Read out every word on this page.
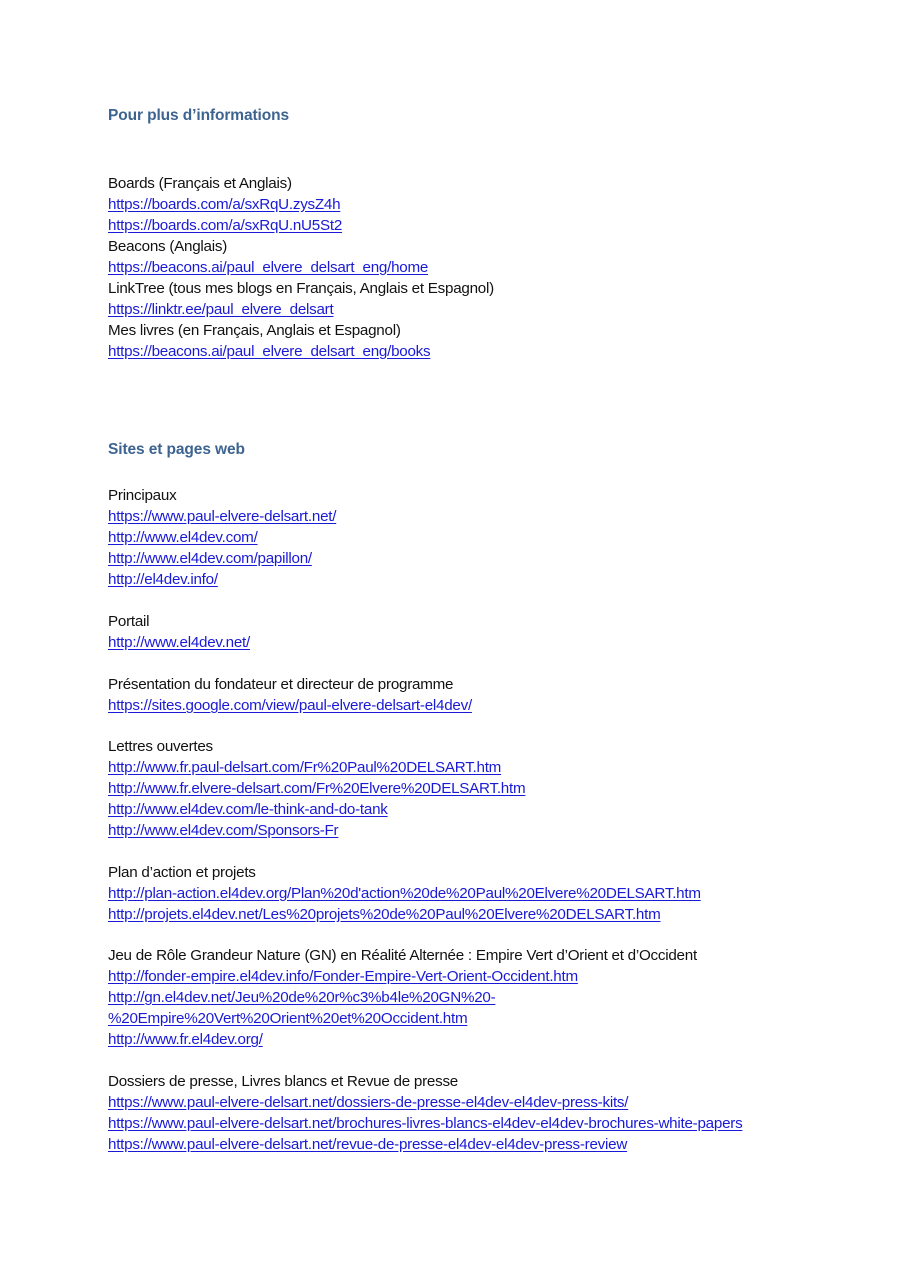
Pour plus d’informations
Boards (Français et Anglais)
https://boards.com/a/sxRqU.zysZ4h
https://boards.com/a/sxRqU.nU5St2
Beacons (Anglais)
https://beacons.ai/paul_elvere_delsart_eng/home
LinkTree (tous mes blogs en Français, Anglais et Espagnol)
https://linktr.ee/paul_elvere_delsart
Mes livres (en Français, Anglais et Espagnol)
https://beacons.ai/paul_elvere_delsart_eng/books
Sites et pages web
Principaux
https://www.paul-elvere-delsart.net/
http://www.el4dev.com/
http://www.el4dev.com/papillon/
http://el4dev.info/
Portail
http://www.el4dev.net/
Présentation du fondateur et directeur de programme
https://sites.google.com/view/paul-elvere-delsart-el4dev/
Lettres ouvertes
http://www.fr.paul-delsart.com/Fr%20Paul%20DELSART.htm
http://www.fr.elvere-delsart.com/Fr%20Elvere%20DELSART.htm
http://www.el4dev.com/le-think-and-do-tank
http://www.el4dev.com/Sponsors-Fr
Plan d’action et projets
http://plan-action.el4dev.org/Plan%20d'action%20de%20Paul%20Elvere%20DELSART.htm
http://projets.el4dev.net/Les%20projets%20de%20Paul%20Elvere%20DELSART.htm
Jeu de Rôle Grandeur Nature (GN) en Réalité Alternée : Empire Vert d’Orient et d’Occident
http://fonder-empire.el4dev.info/Fonder-Empire-Vert-Orient-Occident.htm
http://gn.el4dev.net/Jeu%20de%20r%c3%b4le%20GN%20-
%20Empire%20Vert%20Orient%20et%20Occident.htm
http://www.fr.el4dev.org/
Dossiers de presse, Livres blancs et Revue de presse
https://www.paul-elvere-delsart.net/dossiers-de-presse-el4dev-el4dev-press-kits/
https://www.paul-elvere-delsart.net/brochures-livres-blancs-el4dev-el4dev-brochures-white-papers
https://www.paul-elvere-delsart.net/revue-de-presse-el4dev-el4dev-press-review
